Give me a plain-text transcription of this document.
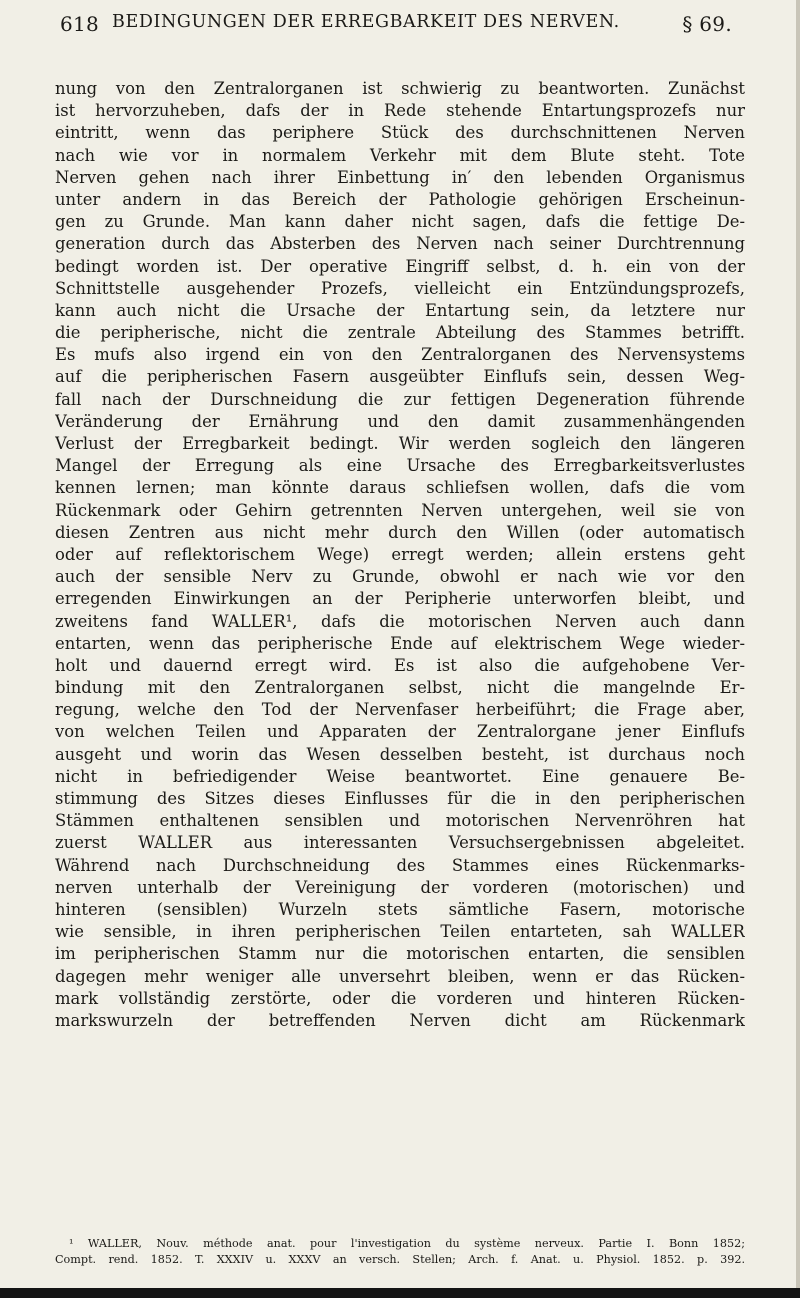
618 BEDINGUNGEN DER ERREGBARKEIT DES NERVEN.	§ 69.
nung von den Zentralorganen ist schwierig zu beantworten. Zunächst
ist hervorzuheben, dafs der in Rede stehende Entartungsprozefs nur
eintritt, wenn das periphere Stück des durchschnittenen Nerven
nach wie vor in normalem Verkehr mit dem Blute steht. Tote
Nerven gehen nach ihrer Einbettung in′ den lebenden Organismus
unter andern in das Bereich der Pathologie gehörigen Erscheinun-
gen zu Grunde. Man kann daher nicht sagen, dafs die fettige De-
generation durch das Absterben des Nerven nach seiner Durchtrennung
bedingt worden ist. Der operative Eingriff selbst, d. h. ein von der
Schnittstelle ausgehender Prozefs, vielleicht ein Entzündungsprozefs,
kann auch nicht die Ursache der Entartung sein, da letztere nur
die peripherische, nicht die zentrale Abteilung des Stammes betrifft.
Es mufs also irgend ein von den Zentralorganen des Nervensystems
auf die peripherischen Fasern ausgeübter Einflufs sein, dessen Weg-
fall nach der Durschneidung die zur fettigen Degeneration führende
Veränderung der Ernährung und den damit zusammenhängenden
Verlust der Erregbarkeit bedingt. Wir werden sogleich den längeren
Mangel der Erregung als eine Ursache des Erregbarkeitsverlustes
kennen lernen; man könnte daraus schliefsen wollen, dafs die vom
Rückenmark oder Gehirn getrennten Nerven untergehen, weil sie von
diesen Zentren aus nicht mehr durch den Willen (oder automatisch
oder auf reflektorischem Wege) erregt werden; allein erstens geht
auch der sensible Nerv zu Grunde, obwohl er nach wie vor den
erregenden Einwirkungen an der Peripherie unterworfen bleibt, und
zweitens fand WALLER¹, dafs die motorischen Nerven auch dann
entarten, wenn das peripherische Ende auf elektrischem Wege wieder-
holt und dauernd erregt wird. Es ist also die aufgehobene Ver-
bindung mit den Zentralorganen selbst, nicht die mangelnde Er-
regung, welche den Tod der Nervenfaser herbeiführt; die Frage aber,
von welchen Teilen und Apparaten der Zentralorgane jener Einflufs
ausgeht und worin das Wesen desselben besteht, ist durchaus noch
nicht in befriedigender Weise beantwortet. Eine genauere Be-
stimmung des Sitzes dieses Einflusses für die in den peripherischen
Stämmen enthaltenen sensiblen und motorischen Nervenröhren hat
zuerst WALLER aus interessanten Versuchsergebnissen abgeleitet.
Während nach Durchschneidung des Stammes eines Rückenmarks-
nerven unterhalb der Vereinigung der vorderen (motorischen) und
hinteren (sensiblen) Wurzeln stets sämtliche Fasern, motorische
wie sensible, in ihren peripherischen Teilen entarteten, sah WALLER
im peripherischen Stamm nur die motorischen entarten, die sensiblen
dagegen mehr weniger alle unversehrt bleiben, wenn er das Rücken-
mark vollständig zerstörte, oder die vorderen und hinteren Rücken-
markswurzeln der betreffenden Nerven dicht am Rückenmark
¹ WALLER, Nouv. méthode anat. pour l'investigation du système nerveux. Partie I. Bonn 1852;
Compt. rend. 1852. T. XXXIV u. XXXV an versch. Stellen; Arch. f. Anat. u. Physiol. 1852. p. 392.
